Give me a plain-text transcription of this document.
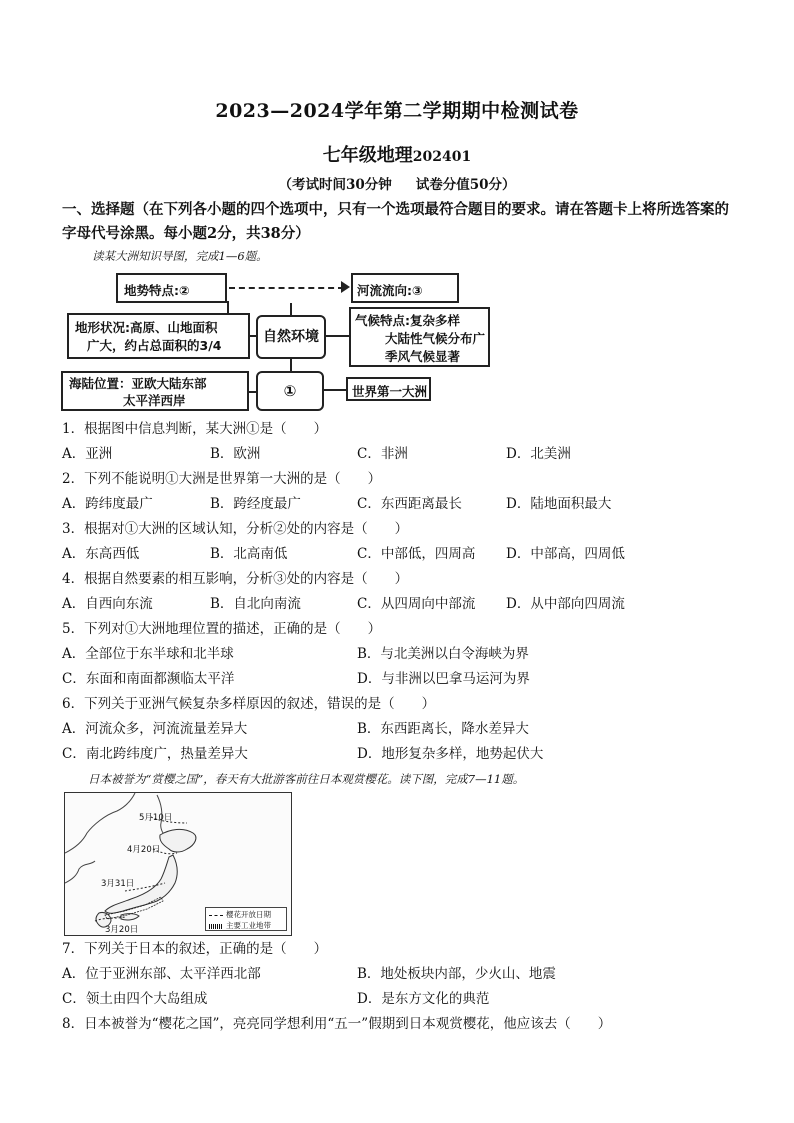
2023—2024学年第二学期期中检测试卷
七年级地理202401
（考试时间30分钟 试卷分值50分）
一、选择题（在下列各小题的四个选项中，只有一个选项最符合题目的要求。请在答题卡上将所选答案的字母代号涂黑。每小题2分，共38分）
读某大洲知识导图，完成1—6题。
地势特点:②	河流流向:③
地形状况:高原、山地面积
广大，约占总面积的3/4
自然环境
气候特点:复杂多样
大陆性气候分布广
季风气候显著
海陆位置：亚欧大陆东部
太平洋西岸
①	世界第一大洲
1．根据图中信息判断，某大洲①是（　　）
A．亚洲	B．欧洲	C．非洲	D．北美洲
2．下列不能说明①大洲是世界第一大洲的是（　　）
A．跨纬度最广	B．跨经度最广	C．东西距离最长	D．陆地面积最大
3．根据对①大洲的区域认知，分析②处的内容是（　　）
A．东高西低	B．北高南低	C．中部低，四周高 D．中部高，四周低
4．根据自然要素的相互影响，分析③处的内容是（　　）
A．自西向东流	B．自北向南流	C．从四周向中部流 D．从中部向四周流
5．下列对①大洲地理位置的描述，正确的是（　　）
A．全部位于东半球和北半球	B．与北美洲以白令海峡为界
C．东面和南面都濒临太平洋	D．与非洲以巴拿马运河为界
6．下列关于亚洲气候复杂多样原因的叙述，错误的是（　　）
A．河流众多，河流流量差异大	B．东西距离长，降水差异大
C．南北跨纬度广，热量差异大	D．地形复杂多样，地势起伏大
日本被誉为“赏樱之国”，春天有大批游客前往日本观赏樱花。读下图，完成7—11题。
5月10日
4月20日
3月31日
3月20日
樱花开放日期
主要工业地带
7．下列关于日本的叙述，正确的是（　　）
A．位于亚洲东部、太平洋西北部	B．地处板块内部，少火山、地震
C．领土由四个大岛组成	D．是东方文化的典范
8．日本被誉为“樱花之国”，亮亮同学想利用“五一”假期到日本观赏樱花，他应该去（　　）
